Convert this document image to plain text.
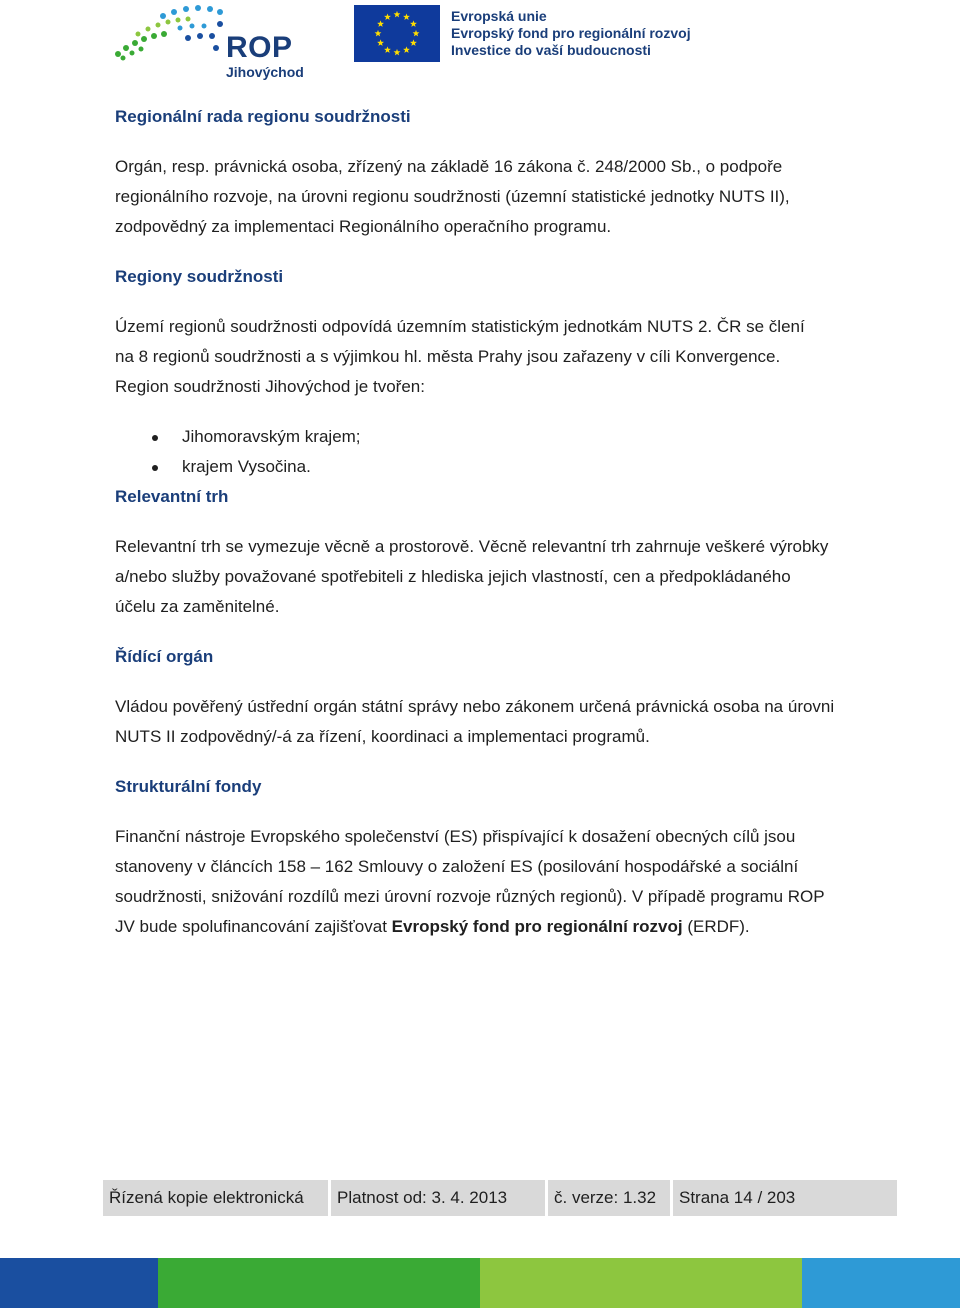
ROP
Jihovýchod
Evropská unie
Evropský fond pro regionální rozvoj
Investice do vaší budoucnosti

Regionální rada regionu soudržnosti

Orgán, resp. právnická osoba, zřízený na základě 16 zákona č. 248/2000 Sb., o podpoře regionálního rozvoje, na úrovni regionu soudržnosti (územní statistické jednotky NUTS II), zodpovědný za implementaci Regionálního operačního programu.

Regiony soudržnosti

Území regionů soudržnosti odpovídá územním statistickým jednotkám NUTS 2. ČR se člení

na 8 regionů soudržnosti a s výjimkou hl. města Prahy jsou zařazeny v cíli Konvergence.

Region soudržnosti Jihovýchod je tvořen:

Jihomoravským krajem;
krajem Vysočina.

Relevantní trh

Relevantní trh se vymezuje věcně a prostorově. Věcně relevantní trh zahrnuje veškeré výrobky a/nebo služby považované spotřebiteli z hlediska jejich vlastností, cen a předpokládaného účelu za zaměnitelné.

Řídící orgán

Vládou pověřený ústřední orgán státní správy nebo zákonem určená právnická osoba na úrovni NUTS II zodpovědný/-á za řízení, koordinaci a implementaci programů.

Strukturální fondy

Finanční nástroje Evropského společenství (ES) přispívající k dosažení obecných cílů jsou stanoveny v článcích 158 – 162 Smlouvy o založení ES (posilování hospodářské a sociální soudržnosti, snižování rozdílů mezi úrovní rozvoje různých regionů). V případě programu ROP JV bude spolufinancování zajišťovat Evropský fond pro regionální rozvoj (ERDF).

Řízená kopie elektronická	Platnost od: 3. 4. 2013	č. verze: 1.32	Strana 14 / 203
